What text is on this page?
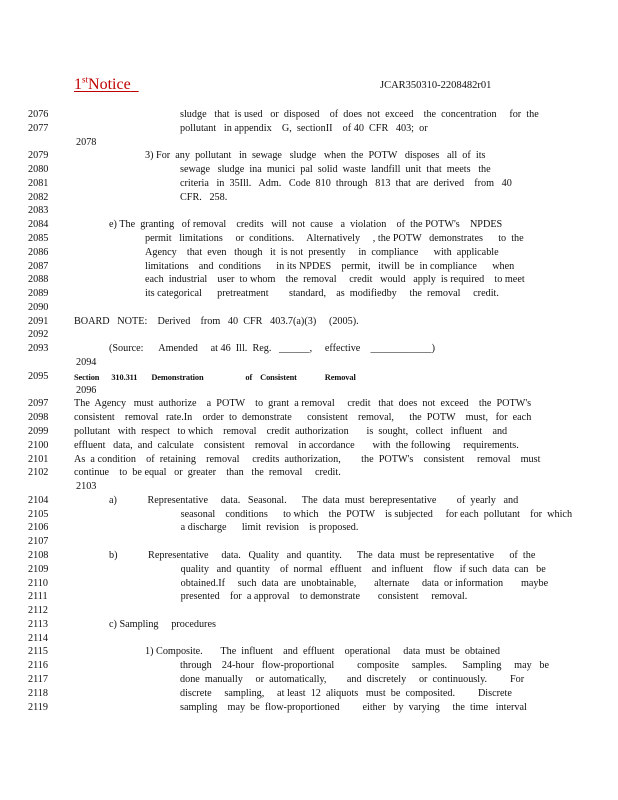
1stNotice	JCAR350310-2208482r01
2076	sludge   that  is used   or  disposed    of  does  not  exceed    the  concentration     for  the
2077	pollutant   in appendix    G,  sectionII    of 40  CFR   403;  or
2078
2079	3) For  any  pollutant   in  sewage   sludge   when  the  POTW   disposes   all  of  its
2080	sewage   sludge  ina  munici  pal  solid  waste  landfill  unit  that  meets   the
2081	criteria   in  35Ill.   Adm.   Code  810  through   813  that  are  derived    from   40
2082	CFR.   258.
2083
2084	e) The  granting   of removal    credits   will  not  cause   a  violation    of  the POTW's    NPDES
2085	permit   limitations     or  conditions.     Alternatively     , the POTW   demonstrates      to  the
2086	Agency    that  even   though   it  is not  presently     in  compliance      with  applicable
2087	limitations    and  conditions      in its NPDES    permit,   itwill  be  in compliance      when
2088	each  industrial    user  to whom    the  removal     credit   would   apply  is required    to meet
2089	its categorical      pretreatment        standard,    as  modifiedby     the  removal     credit.
2090
2091	BOARD   NOTE:    Derived    from   40  CFR   403.7(a)(3)     (2005).
2092
2093	(Source:      Amended     at 46  Ill.  Reg.   ______,     effective    ____________)
2094
2095	Section      310.311       Demonstration                     of    Consistent              Removal
2096
2097	The  Agency   must  authorize    a  POTW    to  grant  a removal     credit   that  does  not  exceed    the  POTW's
2098	consistent    removal   rate.In    order  to  demonstrate      consistent    removal,      the  POTW    must,   for  each
2099	pollutant   with  respect   to which    removal    credit  authorization       is  sought,   collect   influent    and
2100	effluent   data,  and  calculate    consistent    removal    in accordance       with  the following     requirements.
2101	As  a condition    of  retaining    removal     credits  authorization,        the  POTW's    consistent     removal    must
2102	continue    to  be equal   or  greater    than   the  removal     credit.
2103
2104	a)            Representative     data.   Seasonal.      The  data  must  berepresentative        of  yearly   and
2105	seasonal    conditions      to which    the  POTW    is subjected     for each  pollutant    for  which
2106	a discharge      limit  revision    is proposed.
2107
2108	b)            Representative     data.   Quality   and  quantity.      The  data  must  be representative      of  the
2109	quality   and  quantity    of  normal   effluent    and  influent    flow   if such  data  can   be
2110	obtained.If     such  data  are  unobtainable,       alternate     data  or information       maybe
2111	presented    for  a approval    to demonstrate       consistent     removal.
2112
2113	c) Sampling     procedures
2114
2115	1) Composite.       The  influent    and  effluent    operational     data  must  be  obtained
2116	through    24-hour   flow-proportional         composite     samples.      Sampling     may   be
2117	done  manually     or  automatically,        and  discretely     or  continuously.         For
2118	discrete     sampling,     at least  12  aliquots   must  be  composited.         Discrete
2119	sampling    may  be  flow-proportioned         either   by  varying     the  time   interval
